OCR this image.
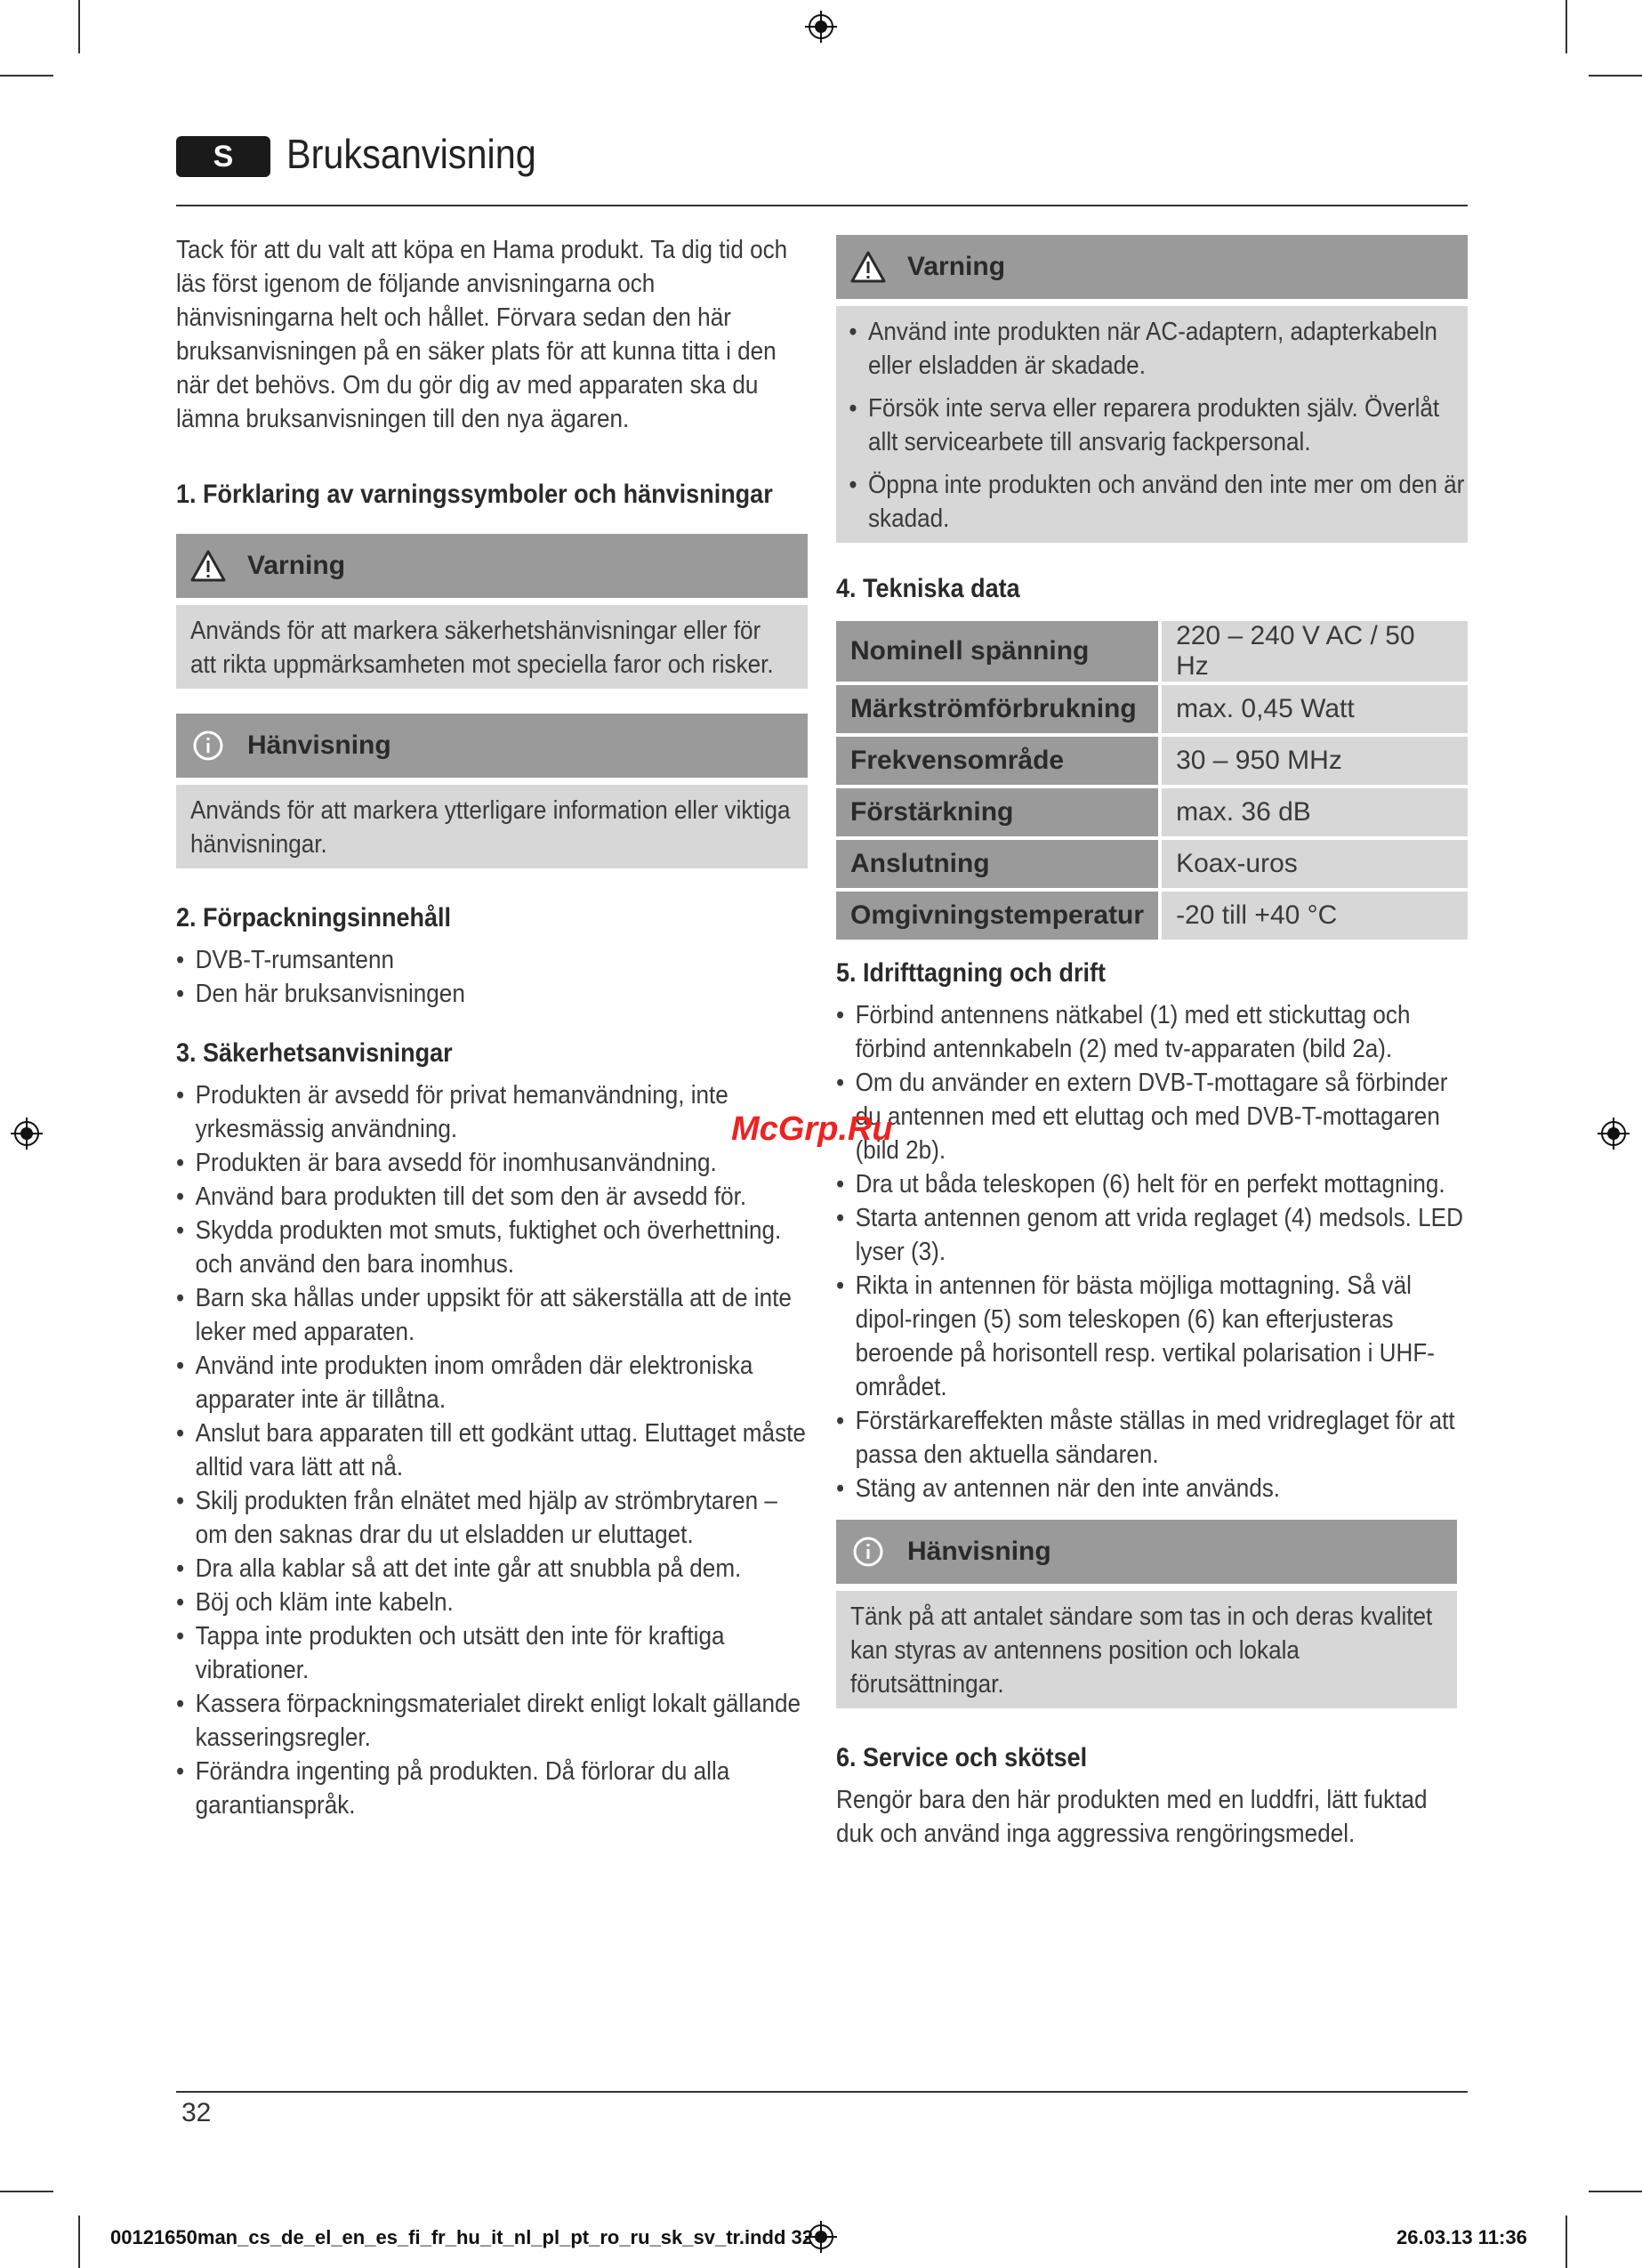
S	Bruksanvisning
Tack för att du valt att köpa en Hama produkt. Ta dig tid och läs först igenom de följande anvisningarna och hänvisningarna helt och hållet. Förvara sedan den här bruksanvisningen på en säker plats för att kunna titta i den när det behövs. Om du gör dig av med apparaten ska du lämna bruksanvisningen till den nya ägaren.
1. Förklaring av varningssymboler och hänvisningar
Varning
Används för att markera säkerhetshänvisningar eller för att rikta uppmärksamheten mot speciella faror och risker.
Hänvisning
Används för att markera ytterligare information eller viktiga hänvisningar.
2. Förpackningsinnehåll
• DVB-T-rumsantenn
• Den här bruksanvisningen
3. Säkerhetsanvisningar
• Produkten är avsedd för privat hemanvändning, inte yrkesmässig användning.
• Produkten är bara avsedd för inomhusanvändning.
• Använd bara produkten till det som den är avsedd för.
• Skydda produkten mot smuts, fuktighet och överhettning. och använd den bara inomhus.
• Barn ska hållas under uppsikt för att säkerställa att de inte leker med apparaten.
• Använd inte produkten inom områden där elektroniska apparater inte är tillåtna.
• Anslut bara apparaten till ett godkänt uttag. Eluttaget måste alltid vara lätt att nå.
• Skilj produkten från elnätet med hjälp av strömbrytaren – om den saknas drar du ut elsladden ur eluttaget.
• Dra alla kablar så att det inte går att snubbla på dem.
• Böj och kläm inte kabeln.
• Tappa inte produkten och utsätt den inte för kraftiga vibrationer.
• Kassera förpackningsmaterialet direkt enligt lokalt gällande kasseringsregler.
• Förändra ingenting på produkten. Då förlorar du alla garantianspråk.
Varning
• Använd inte produkten när AC-adaptern, adapterkabeln eller elsladden är skadade.
• Försök inte serva eller reparera produkten själv. Överlåt allt servicearbete till ansvarig fackpersonal.
• Öppna inte produkten och använd den inte mer om den är skadad.
4. Tekniska data
Nominell spänning	220 – 240 V AC / 50 Hz
Märkströmförbrukning	max. 0,45 Watt
Frekvensområde	30 – 950 MHz
Förstärkning	max. 36 dB
Anslutning	Koax-uros
Omgivningstemperatur	-20 till +40 °C
5. Idrifttagning och drift
• Förbind antennens nätkabel (1) med ett stickuttag och förbind antennkabeln (2) med tv-apparaten (bild 2a).
• Om du använder en extern DVB-T-mottagare så förbinder du antennen med ett eluttag och med DVB-T-mottagaren (bild 2b).
• Dra ut båda teleskopen (6) helt för en perfekt mottagning.
• Starta antennen genom att vrida reglaget (4) medsols. LED lyser (3).
• Rikta in antennen för bästa möjliga mottagning. Så väl dipol-ringen (5) som teleskopen (6) kan efterjusteras beroende på horisontell resp. vertikal polarisation i UHF-området.
• Förstärkareffekten måste ställas in med vridreglaget för att passa den aktuella sändaren.
• Stäng av antennen när den inte används.
Hänvisning
Tänk på att antalet sändare som tas in och deras kvalitet kan styras av antennens position och lokala förutsättningar.
6. Service och skötsel
Rengör bara den här produkten med en luddfri, lätt fuktad duk och använd inga aggressiva rengöringsmedel.
McGrp.Ru
32
00121650man_cs_de_el_en_es_fi_fr_hu_it_nl_pl_pt_ro_ru_sk_sv_tr.indd 32	26.03.13 11:36
